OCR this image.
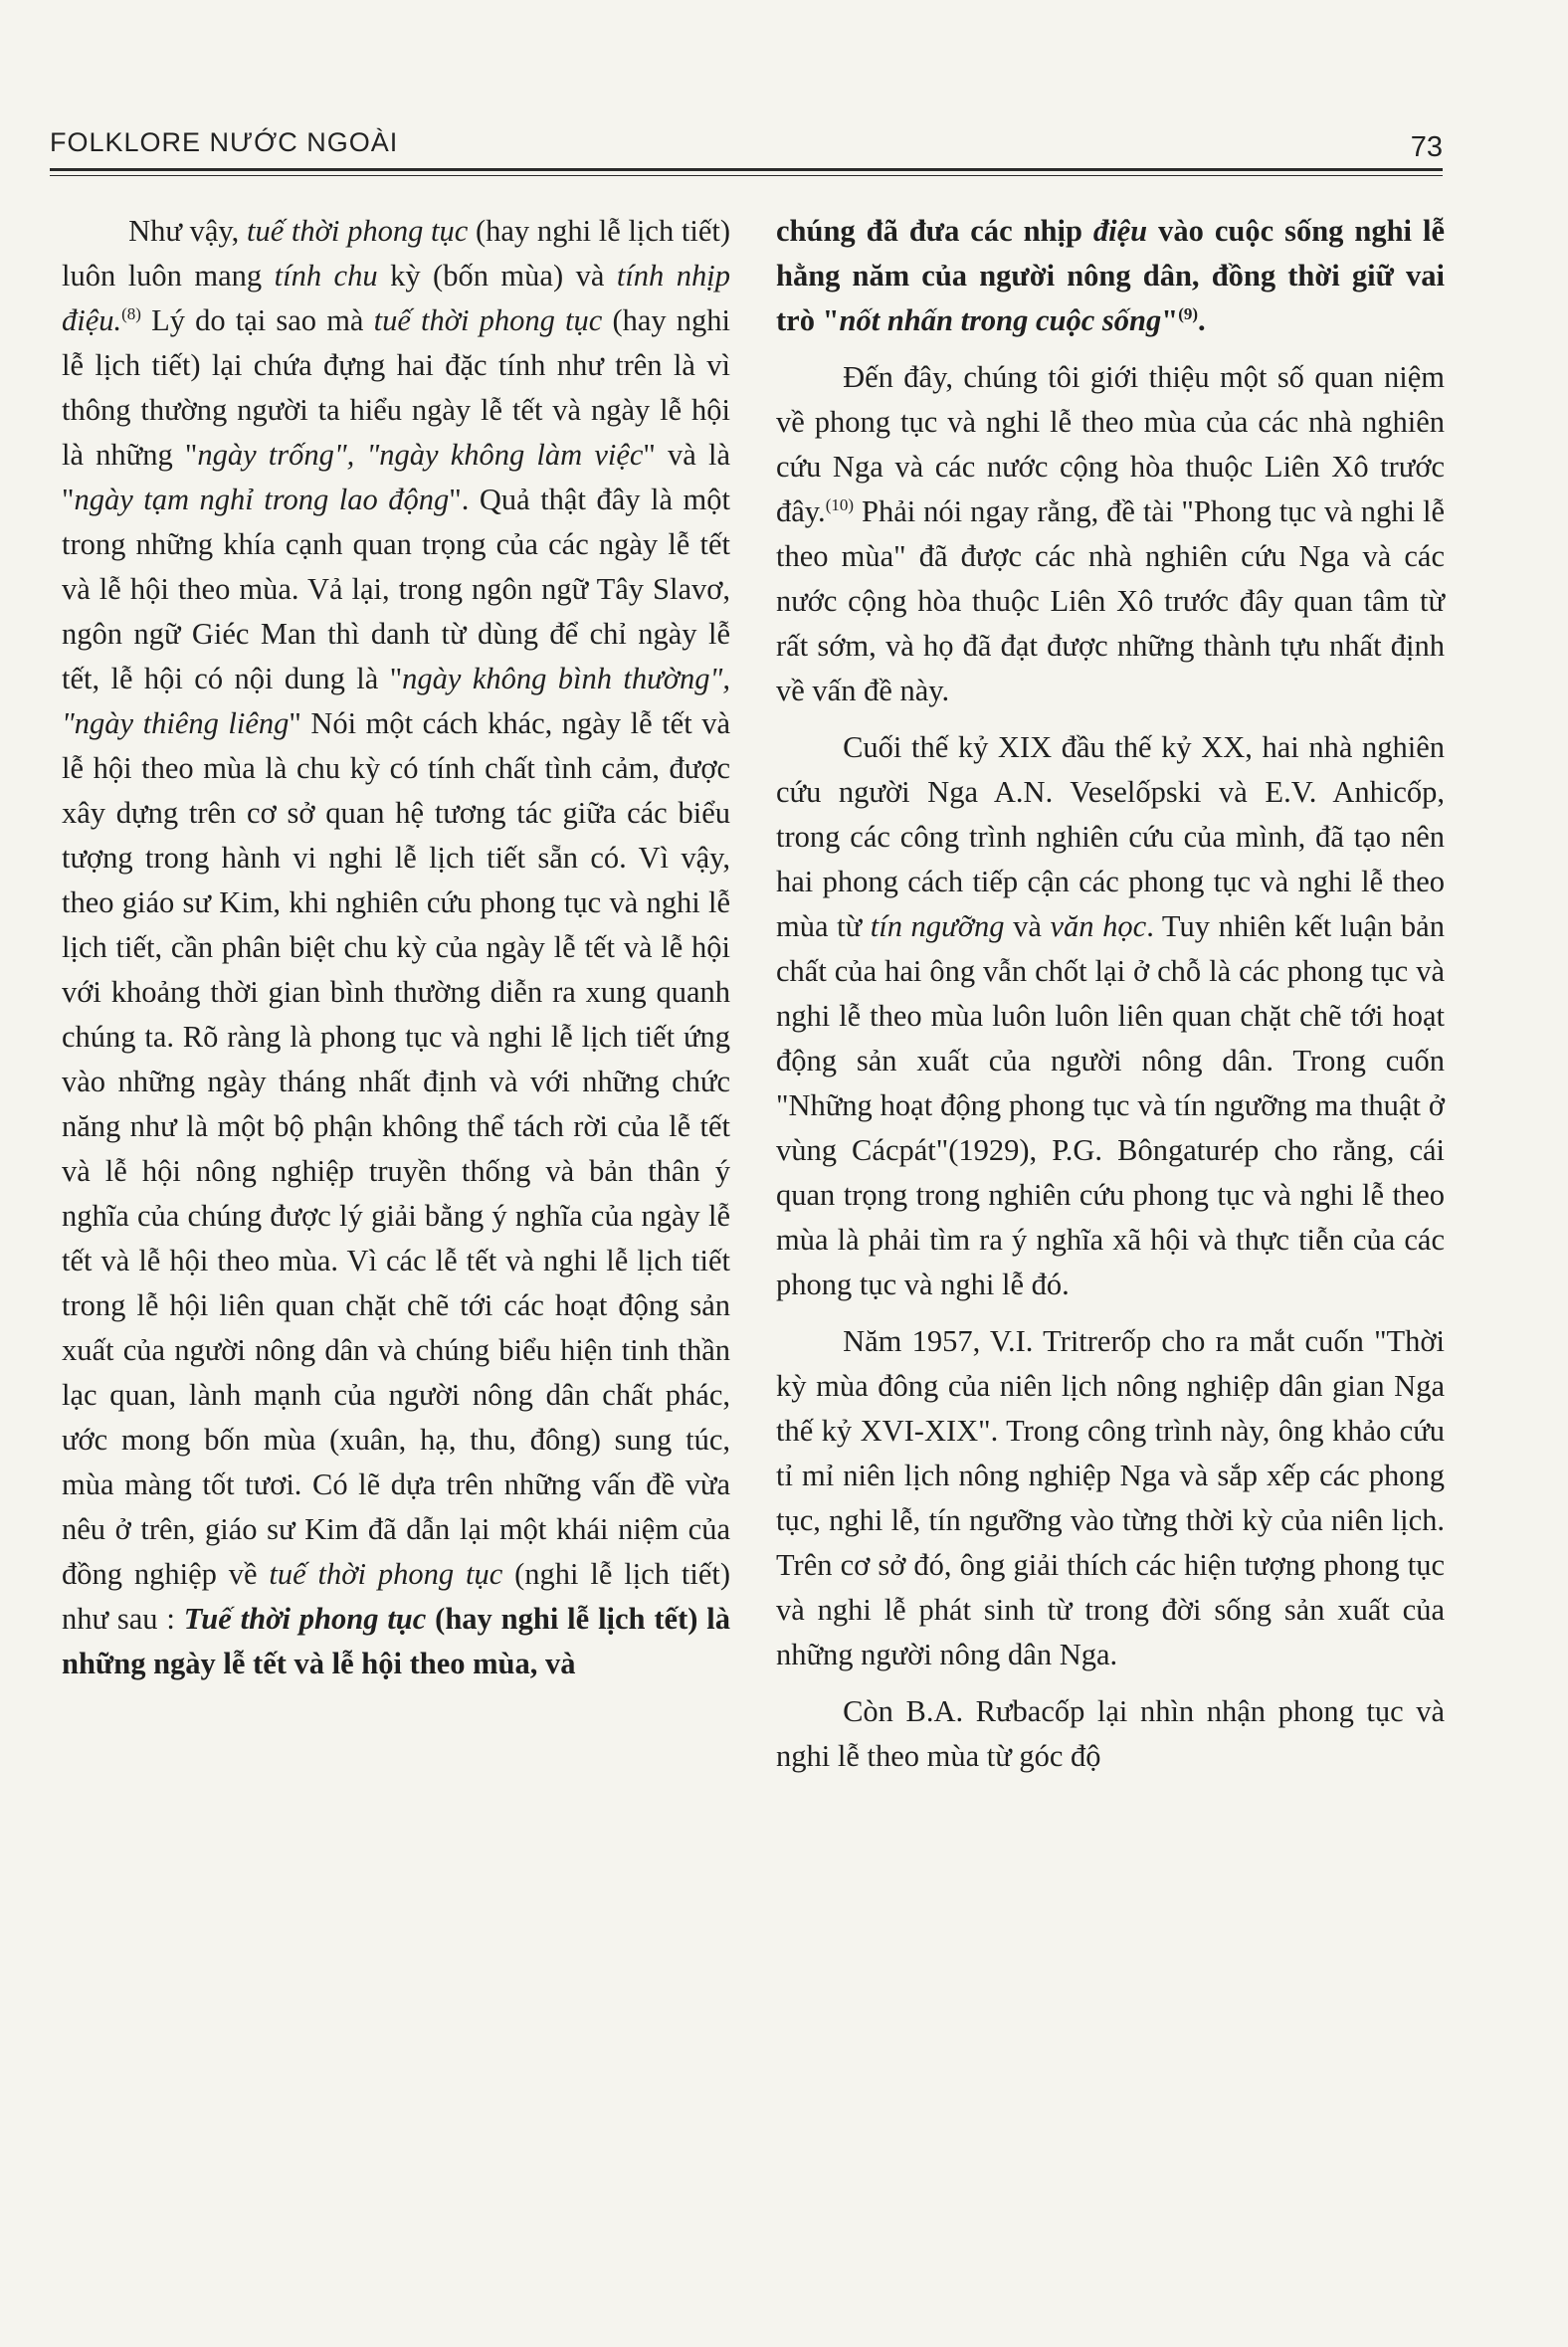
FOLKLORE NƯỚC NGOÀI	73

Như vậy, tuế thời phong tục (hay nghi lễ lịch tiết) luôn luôn mang tính chu kỳ (bốn mùa) và tính nhịp điệu.$^{(8)}$ Lý do tại sao mà tuế thời phong tục (hay nghi lễ lịch tiết) lại chứa đựng hai đặc tính như trên là vì thông thường người ta hiểu ngày lễ tết và ngày lễ hội là những "ngày trống", "ngày không làm việc" và là "ngày tạm nghỉ trong lao động". Quả thật đây là một trong những khía cạnh quan trọng của các ngày lễ tết và lễ hội theo mùa. Vả lại, trong ngôn ngữ Tây Slavơ, ngôn ngữ Giéc Man thì danh từ dùng để chỉ ngày lễ tết, lễ hội có nội dung là "ngày không bình thường", "ngày thiêng liêng" Nói một cách khác, ngày lễ tết và lễ hội theo mùa là chu kỳ có tính chất tình cảm, được xây dựng trên cơ sở quan hệ tương tác giữa các biểu tượng trong hành vi nghi lễ lịch tiết sẵn có. Vì vậy, theo giáo sư Kim, khi nghiên cứu phong tục và nghi lễ lịch tiết, cần phân biệt chu kỳ của ngày lễ tết và lễ hội với khoảng thời gian bình thường diễn ra xung quanh chúng ta. Rõ ràng là phong tục và nghi lễ lịch tiết ứng vào những ngày tháng nhất định và với những chức năng như là một bộ phận không thể tách rời của lễ tết và lễ hội nông nghiệp truyền thống và bản thân ý nghĩa của chúng được lý giải bằng ý nghĩa của ngày lễ tết và lễ hội theo mùa. Vì các lễ tết và nghi lễ lịch tiết trong lễ hội liên quan chặt chẽ tới các hoạt động sản xuất của người nông dân và chúng biểu hiện tinh thần lạc quan, lành mạnh của người nông dân chất phác, ước mong bốn mùa (xuân, hạ, thu, đông) sung túc, mùa màng tốt tươi. Có lẽ dựa trên những vấn đề vừa nêu ở trên, giáo sư Kim đã dẫn lại một khái niệm của đồng nghiệp về tuế thời phong tục (nghi lễ lịch tiết) như sau : Tuế thời phong tục (hay nghi lễ lịch tết) là những ngày lễ tết và lễ hội theo mùa, và

chúng đã đưa các nhịp điệu vào cuộc sống nghi lễ hằng năm của người nông dân, đồng thời giữ vai trò "nốt nhấn trong cuộc sống"$^{(9)}$.

Đến đây, chúng tôi giới thiệu một số quan niệm về phong tục và nghi lễ theo mùa của các nhà nghiên cứu Nga và các nước cộng hòa thuộc Liên Xô trước đây.$^{(10)}$ Phải nói ngay rằng, đề tài "Phong tục và nghi lễ theo mùa" đã được các nhà nghiên cứu Nga và các nước cộng hòa thuộc Liên Xô trước đây quan tâm từ rất sớm, và họ đã đạt được những thành tựu nhất định về vấn đề này.

Cuối thế kỷ XIX đầu thế kỷ XX, hai nhà nghiên cứu người Nga A.N. Veselốpski và E.V. Anhicốp, trong các công trình nghiên cứu của mình, đã tạo nên hai phong cách tiếp cận các phong tục và nghi lễ theo mùa từ tín ngưỡng và văn học. Tuy nhiên kết luận bản chất của hai ông vẫn chốt lại ở chỗ là các phong tục và nghi lễ theo mùa luôn luôn liên quan chặt chẽ tới hoạt động sản xuất của người nông dân. Trong cuốn "Những hoạt động phong tục và tín ngưỡng ma thuật ở vùng Cácpát"(1929), P.G. Bôngaturép cho rằng, cái quan trọng trong nghiên cứu phong tục và nghi lễ theo mùa là phải tìm ra ý nghĩa xã hội và thực tiễn của các phong tục và nghi lễ đó.

Năm 1957, V.I. Tritrerốp cho ra mắt cuốn "Thời kỳ mùa đông của niên lịch nông nghiệp dân gian Nga thế kỷ XVI-XIX". Trong công trình này, ông khảo cứu tỉ mỉ niên lịch nông nghiệp Nga và sắp xếp các phong tục, nghi lễ, tín ngưỡng vào từng thời kỳ của niên lịch. Trên cơ sở đó, ông giải thích các hiện tượng phong tục và nghi lễ phát sinh từ trong đời sống sản xuất của những người nông dân Nga.

Còn B.A. Rưbacốp lại nhìn nhận phong tục và nghi lễ theo mùa từ góc độ
